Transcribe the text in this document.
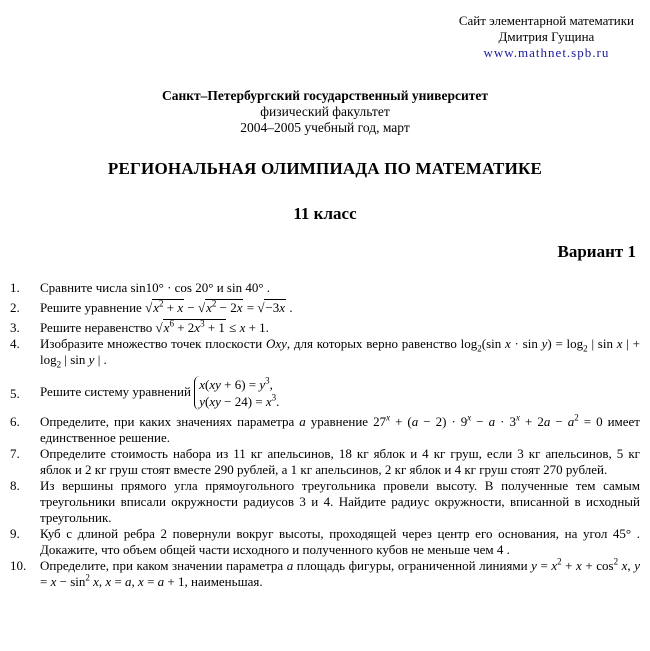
Сайт элементарной математики
Дмитрия Гущина
www.mathnet.spb.ru
Санкт–Петербургский государственный университет
физический факультет
2004–2005 учебный год, март
РЕГИОНАЛЬНАЯ ОЛИМПИАДА ПО МАТЕМАТИКЕ
11 класс
Вариант 1
1. Сравните числа sin10° · cos 20° и sin 40° .
2. Решите уравнение $√x^2 + x - √x^2 - 2x = √-3x$ .
3. Решите неравенство $√x^6 + 2x^3 + 1 \le x + 1$.
4. Изобразите множество точек плоскости Oxy, для которых верно равенство $\log_2(\sin$ $x \cdot \sin y) = \log_2$ | sin x | + $\log_2$ | sin y | .
5. Решите систему уравнений $x(xy + 6) = y^3$,
$y(xy - 24) = x^3$.
6. Определите, при каких значениях параметра a уравнение $27^x + (a - 2) \cdot 9^x - a \cdot 3^x + 2a - a^2 = 0$ имеет единственное решение.
7. Определите стоимость набора из 11 кг апельсинов, 18 кг яблок и 4 кг груш, если 3 кг апельсинов, 5 кг яблок и 2 кг груш стоят вместе 290 рублей, а 1 кг апельсинов, 2 кг яблок и 4 кг груш стоят 270 рублей.
8. Из вершины прямого угла прямоугольного треугольника провели высоту. В полученные тем самым треугольники вписали окружности радиусов 3 и 4. Найдите радиус окружности, вписанной в исходный треугольник.
9. Куб с длиной ребра 2 повернули вокруг высоты, проходящей через центр его основания, на угол 45° . Докажите, что объем общей части исходного и полученного кубов не меньше чем 4 .
10. Определите, при каком значении параметра a площадь фигуры, ограниченной линиями $y = x^2 + x + \cos^2 x$, $y = x - \sin^2 x$, x = a, x = a + 1, наименьшая.
